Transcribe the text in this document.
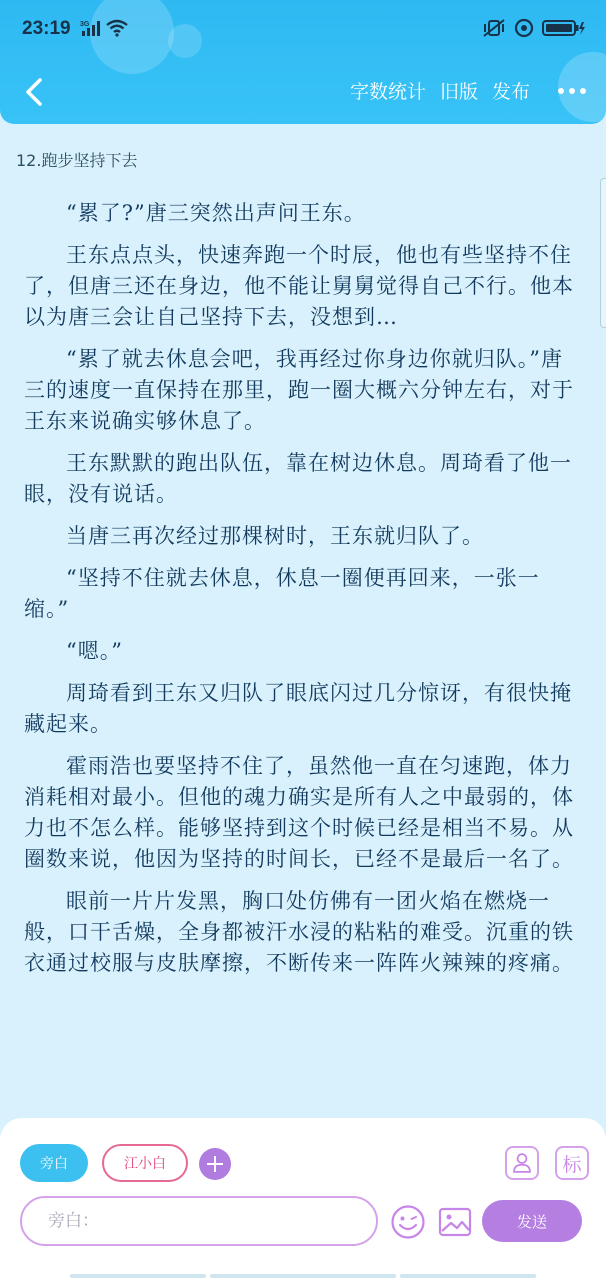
23:19 3G
字数统计 旧版 发布
12.跑步坚持下去

“累了?”唐三突然出声问王东。

王东点点头，快速奔跑一个时辰，他也有些坚持不住了，但唐三还在身边，他不能让舅舅觉得自己不行。他本以为唐三会让自己坚持下去，没想到…

“累了就去休息会吧，我再经过你身边你就归队。”唐三的速度一直保持在那里，跑一圈大概六分钟左右，对于王东来说确实够休息了。

王东默默的跑出队伍，靠在树边休息。周琦看了他一眼，没有说话。

当唐三再次经过那棵树时，王东就归队了。

“坚持不住就去休息，休息一圈便再回来，一张一缩。”

“嗯。”

周琦看到王东又归队了眼底闪过几分惊讶，有很快掩藏起来。

霍雨浩也要坚持不住了，虽然他一直在匀速跑，体力消耗相对最小。但他的魂力确实是所有人之中最弱的，体力也不怎么样。能够坚持到这个时候已经是相当不易。从圈数来说，他因为坚持的时间长，已经不是最后一名了。

眼前一片片发黑，胸口处仿佛有一团火焰在燃烧一般，口干舌燥，全身都被汗水浸的粘粘的难受。沉重的铁衣通过校服与皮肤摩擦，不断传来一阵阵火辣辣的疼痛。

旁白	江小白	标
旁白：
发送
